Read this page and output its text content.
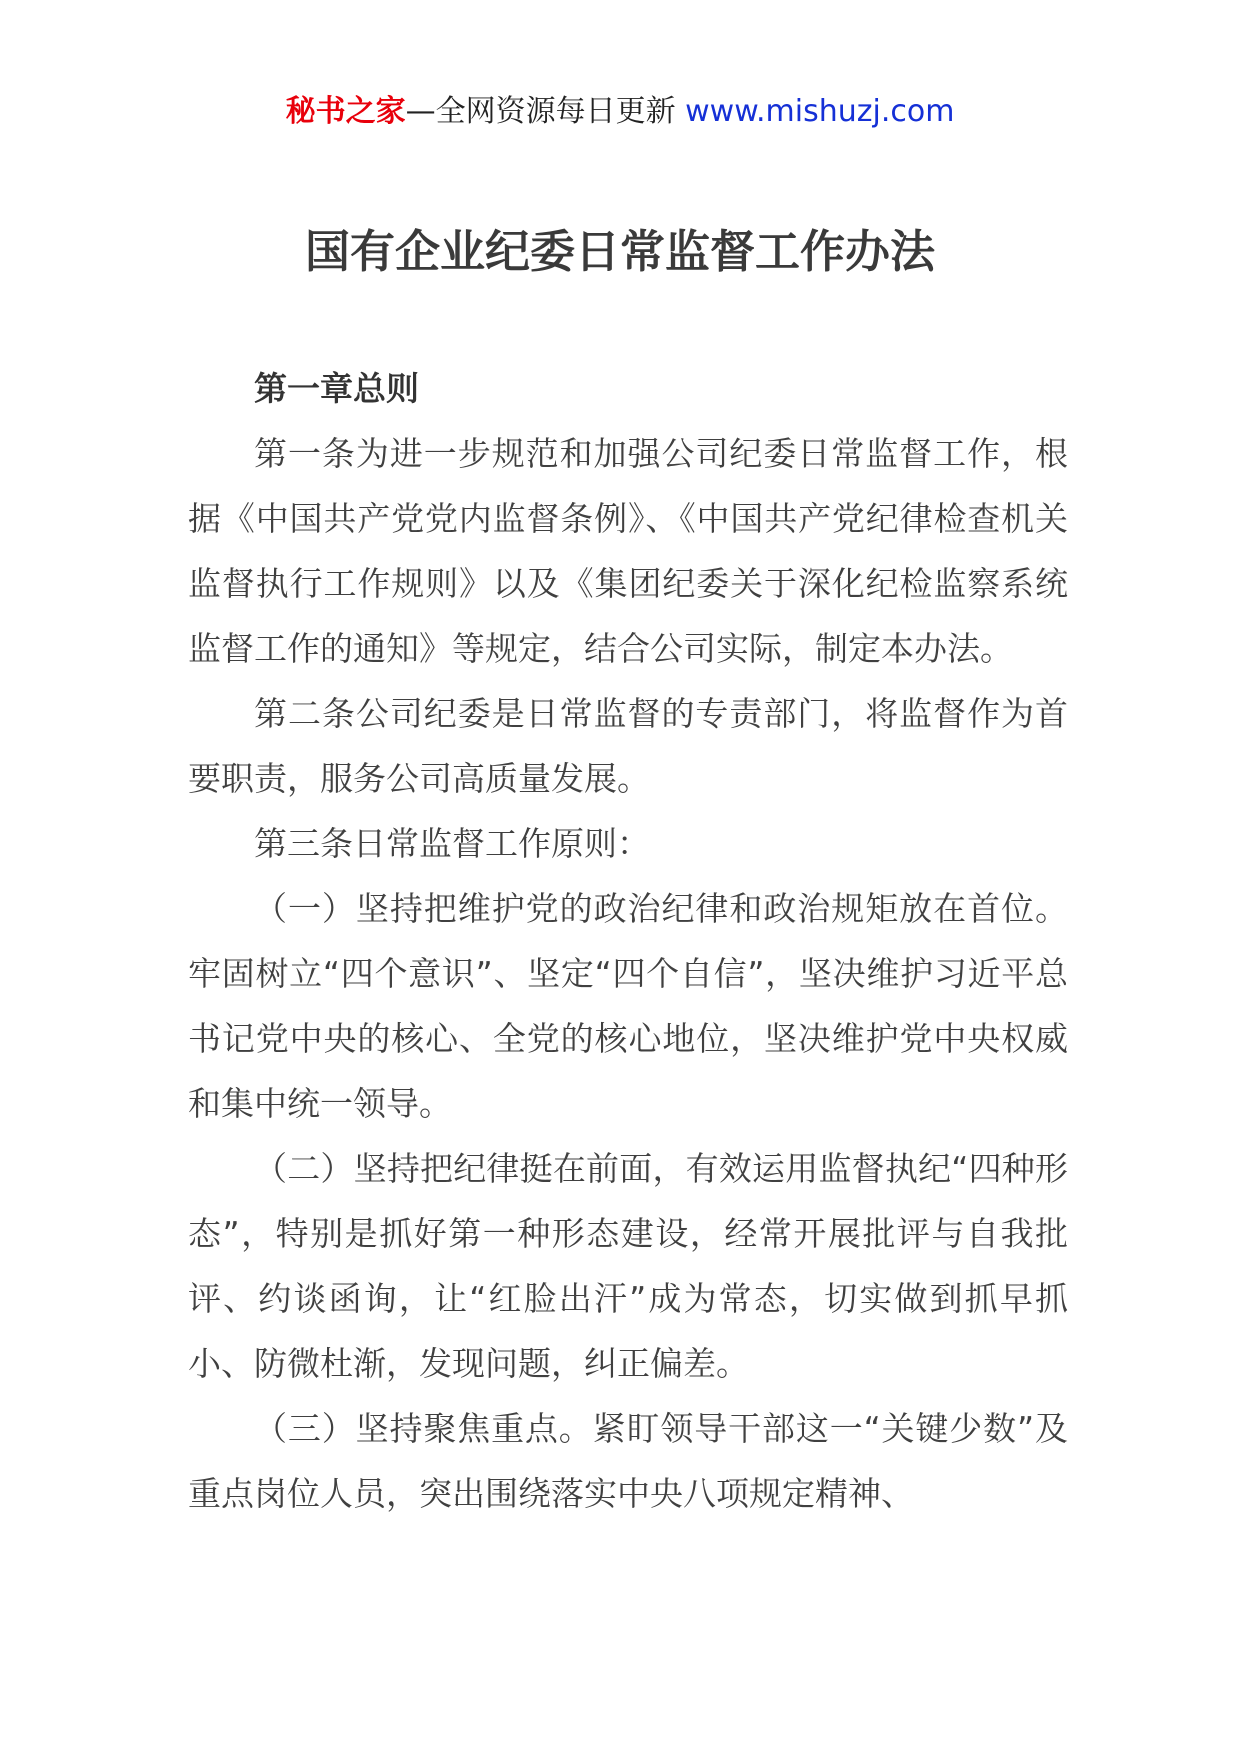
秘书之家—全网资源每日更新 www.mishuzj.com
国有企业纪委日常监督工作办法

第一章总则

第一条为进一步规范和加强公司纪委日常监督工作，根据《中国共产党党内监督条例》、《中国共产党纪律检查机关监督执行工作规则》以及《集团纪委关于深化纪检监察系统监督工作的通知》等规定，结合公司实际，制定本办法。

第二条公司纪委是日常监督的专责部门，将监督作为首要职责，服务公司高质量发展。

第三条日常监督工作原则：

（一）坚持把维护党的政治纪律和政治规矩放在首位。牢固树立“四个意识”、坚定“四个自信”，坚决维护习近平总书记党中央的核心、全党的核心地位，坚决维护党中央权威和集中统一领导。

（二）坚持把纪律挺在前面，有效运用监督执纪“四种形态”，特别是抓好第一种形态建设，经常开展批评与自我批评、约谈函询，让“红脸出汗”成为常态，切实做到抓早抓小、防微杜渐，发现问题，纠正偏差。

（三）坚持聚焦重点。紧盯领导干部这一“关键少数”及重点岗位人员，突出围绕落实中央八项规定精神、
